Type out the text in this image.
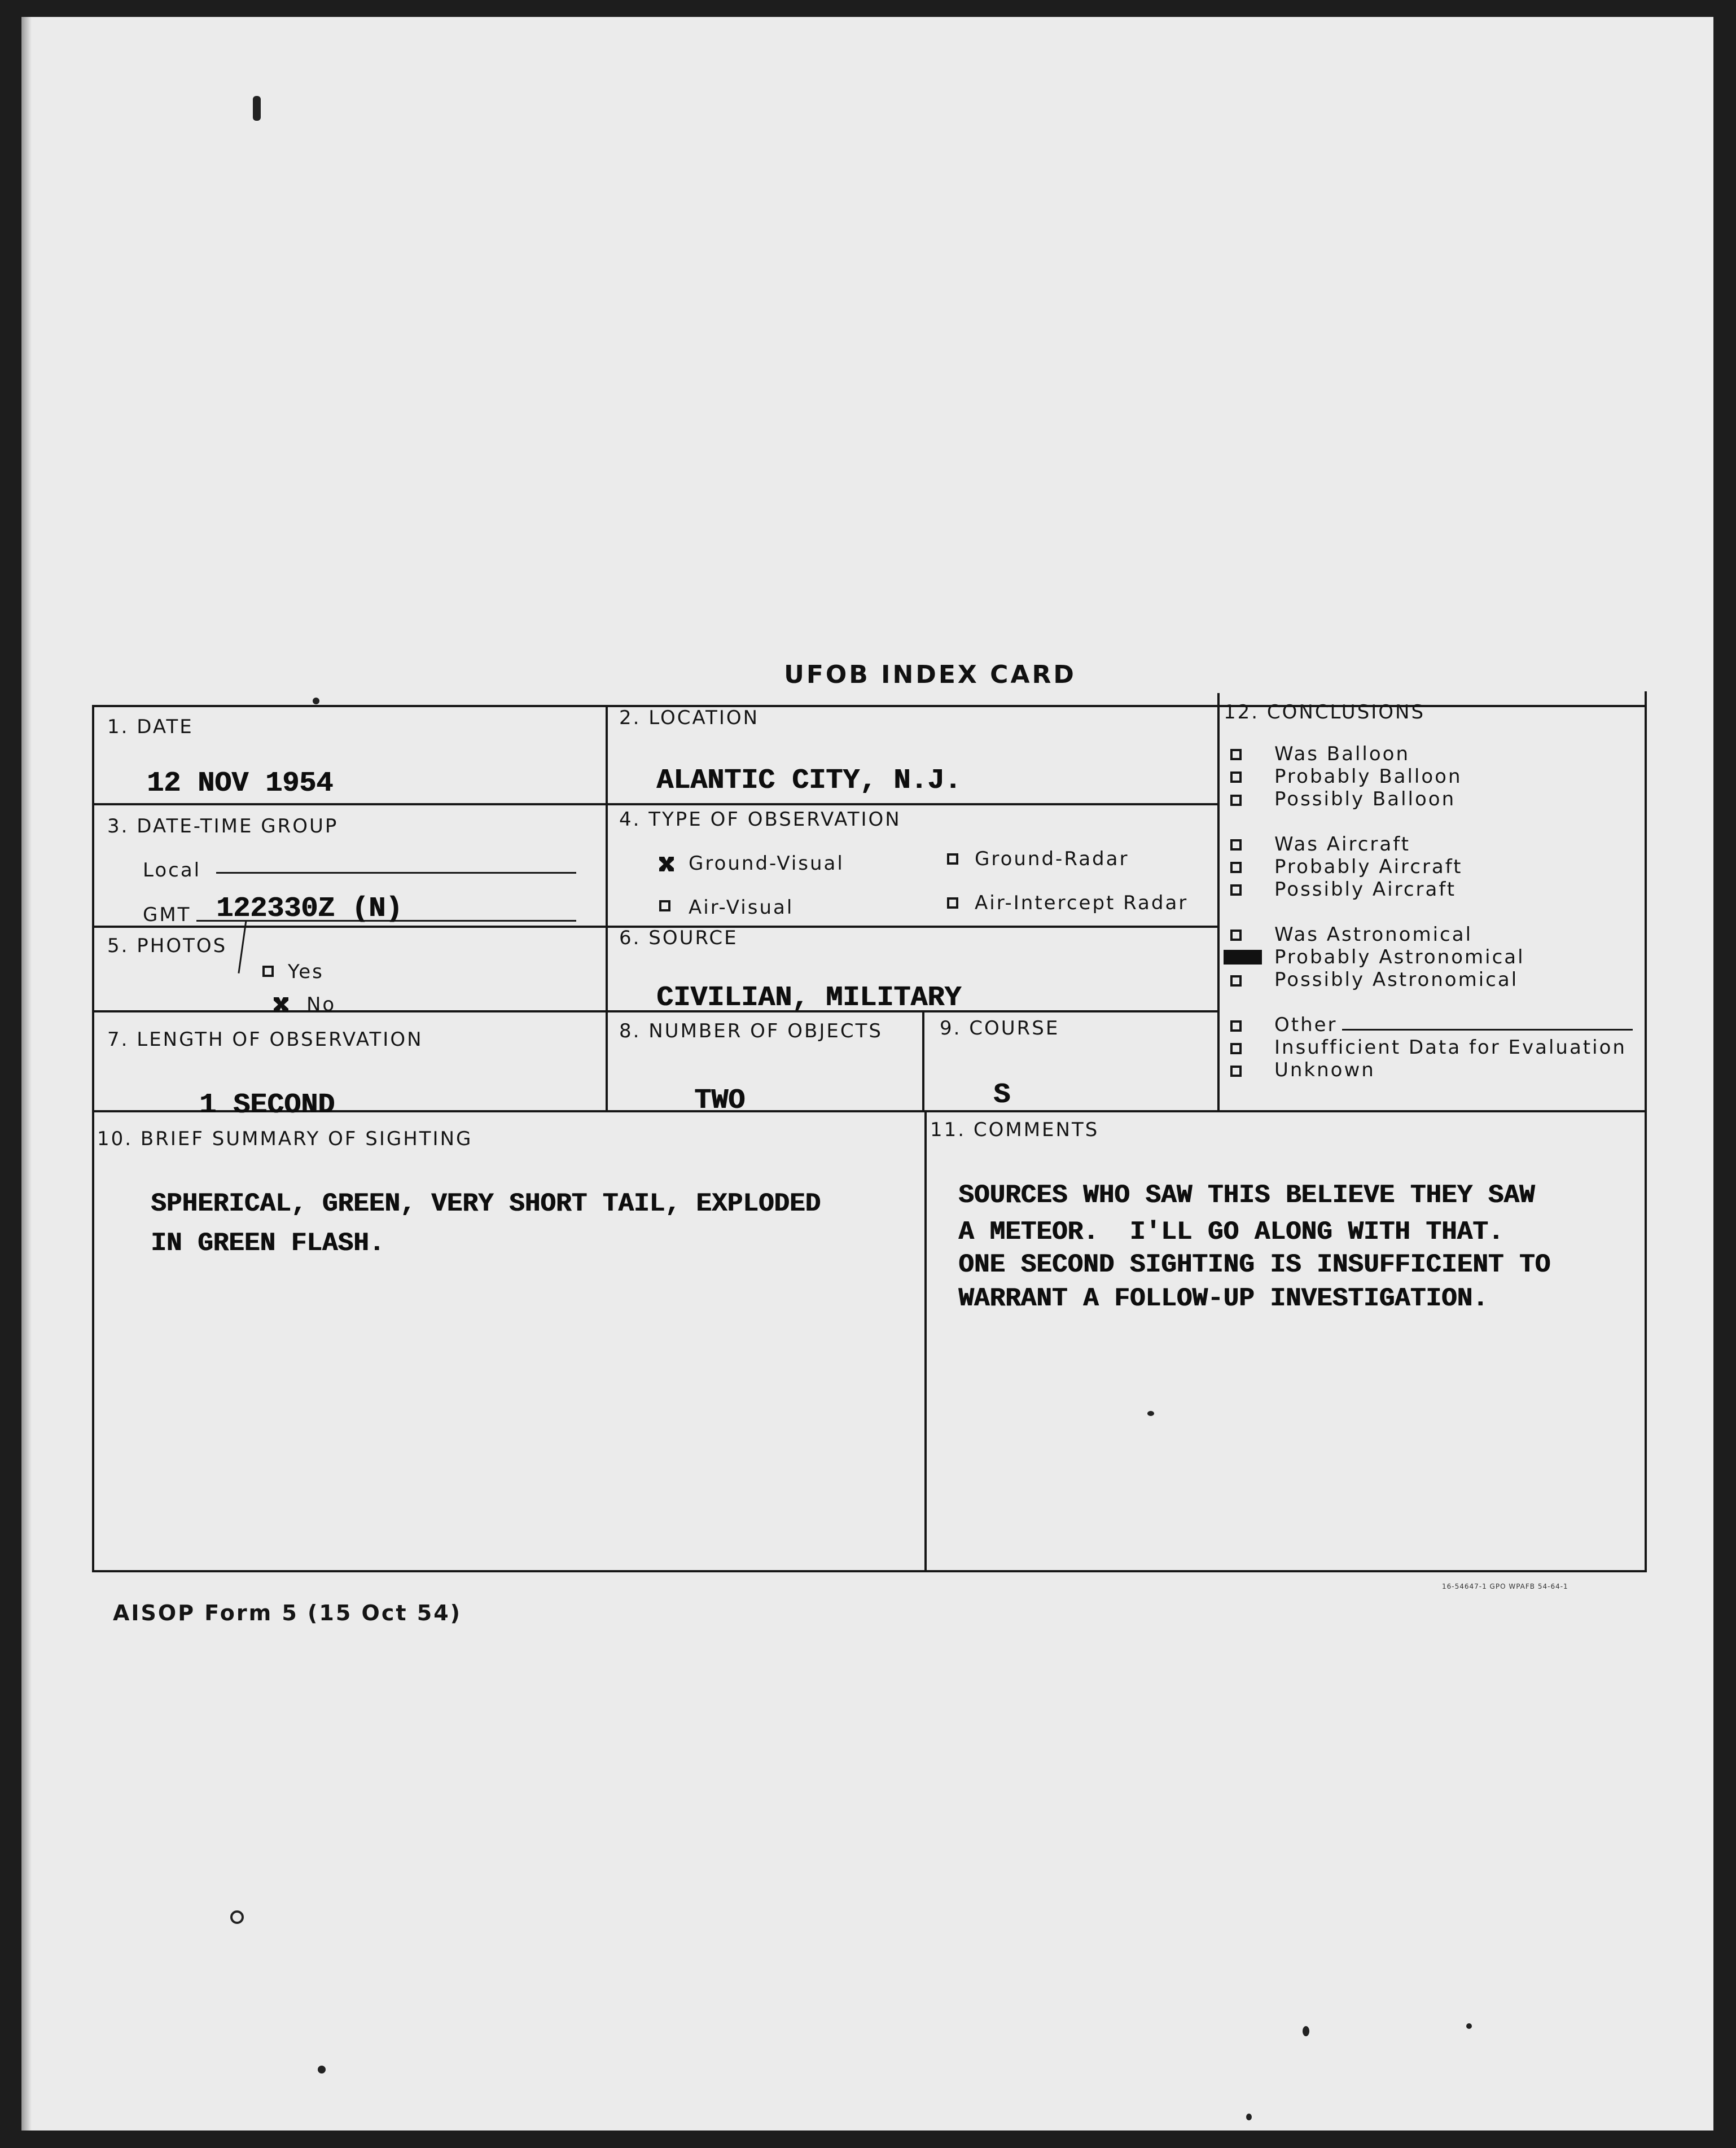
UFOB INDEX CARD
1. DATE
12 NOV 1954
2. LOCATION
ALANTIC CITY, N.J.
3. DATE-TIME GROUP
Local
GMT 122330Z (N)
4. TYPE OF OBSERVATION
Ground-Visual	Ground-Radar
Air-Visual	Air-Intercept Radar
5. PHOTOS
Yes
No
6. SOURCE
CIVILIAN, MILITARY
7. LENGTH OF OBSERVATION
1 SECOND
8. NUMBER OF OBJECTS
TWO
9. COURSE
S
10. BRIEF SUMMARY OF SIGHTING
SPHERICAL, GREEN, VERY SHORT TAIL, EXPLODED
IN GREEN FLASH.
11. COMMENTS
SOURCES WHO SAW THIS BELIEVE THEY SAW
A METEOR.  I'LL GO ALONG WITH THAT.
ONE SECOND SIGHTING IS INSUFFICIENT TO
WARRANT A FOLLOW-UP INVESTIGATION.
12. CONCLUSIONS
Was Balloon
Probably Balloon
Possibly Balloon
Was Aircraft
Probably Aircraft
Possibly Aircraft
Was Astronomical
Probably Astronomical
Possibly Astronomical
Other
Insufficient Data for Evaluation
Unknown
AISOP Form 5 (15 Oct 54)
16-54647-1 GPO WPAFB 54-64-1
